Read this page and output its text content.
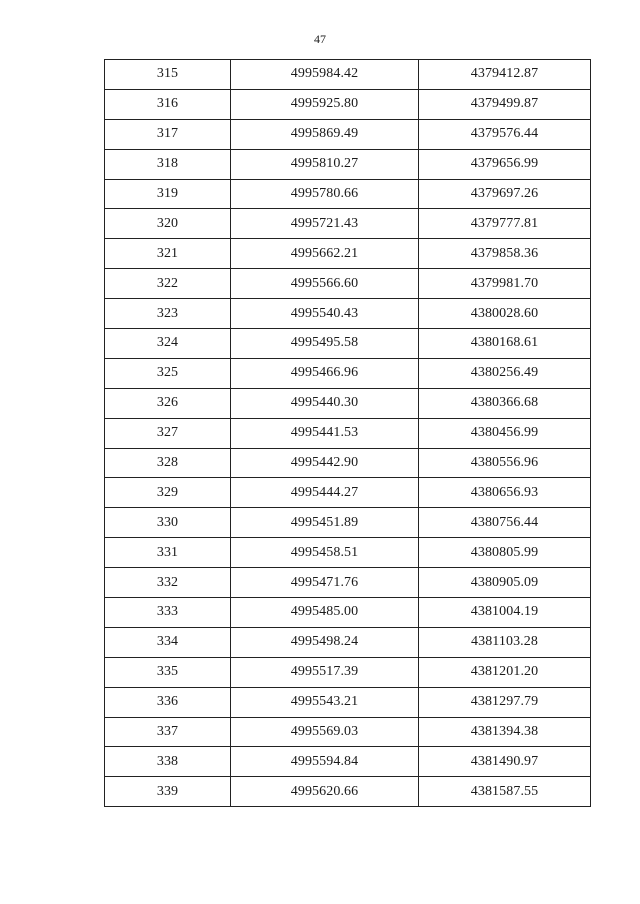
47
315	4995984.42	4379412.87
316	4995925.80	4379499.87
317	4995869.49	4379576.44
318	4995810.27	4379656.99
319	4995780.66	4379697.26
320	4995721.43	4379777.81
321	4995662.21	4379858.36
322	4995566.60	4379981.70
323	4995540.43	4380028.60
324	4995495.58	4380168.61
325	4995466.96	4380256.49
326	4995440.30	4380366.68
327	4995441.53	4380456.99
328	4995442.90	4380556.96
329	4995444.27	4380656.93
330	4995451.89	4380756.44
331	4995458.51	4380805.99
332	4995471.76	4380905.09
333	4995485.00	4381004.19
334	4995498.24	4381103.28
335	4995517.39	4381201.20
336	4995543.21	4381297.79
337	4995569.03	4381394.38
338	4995594.84	4381490.97
339	4995620.66	4381587.55
